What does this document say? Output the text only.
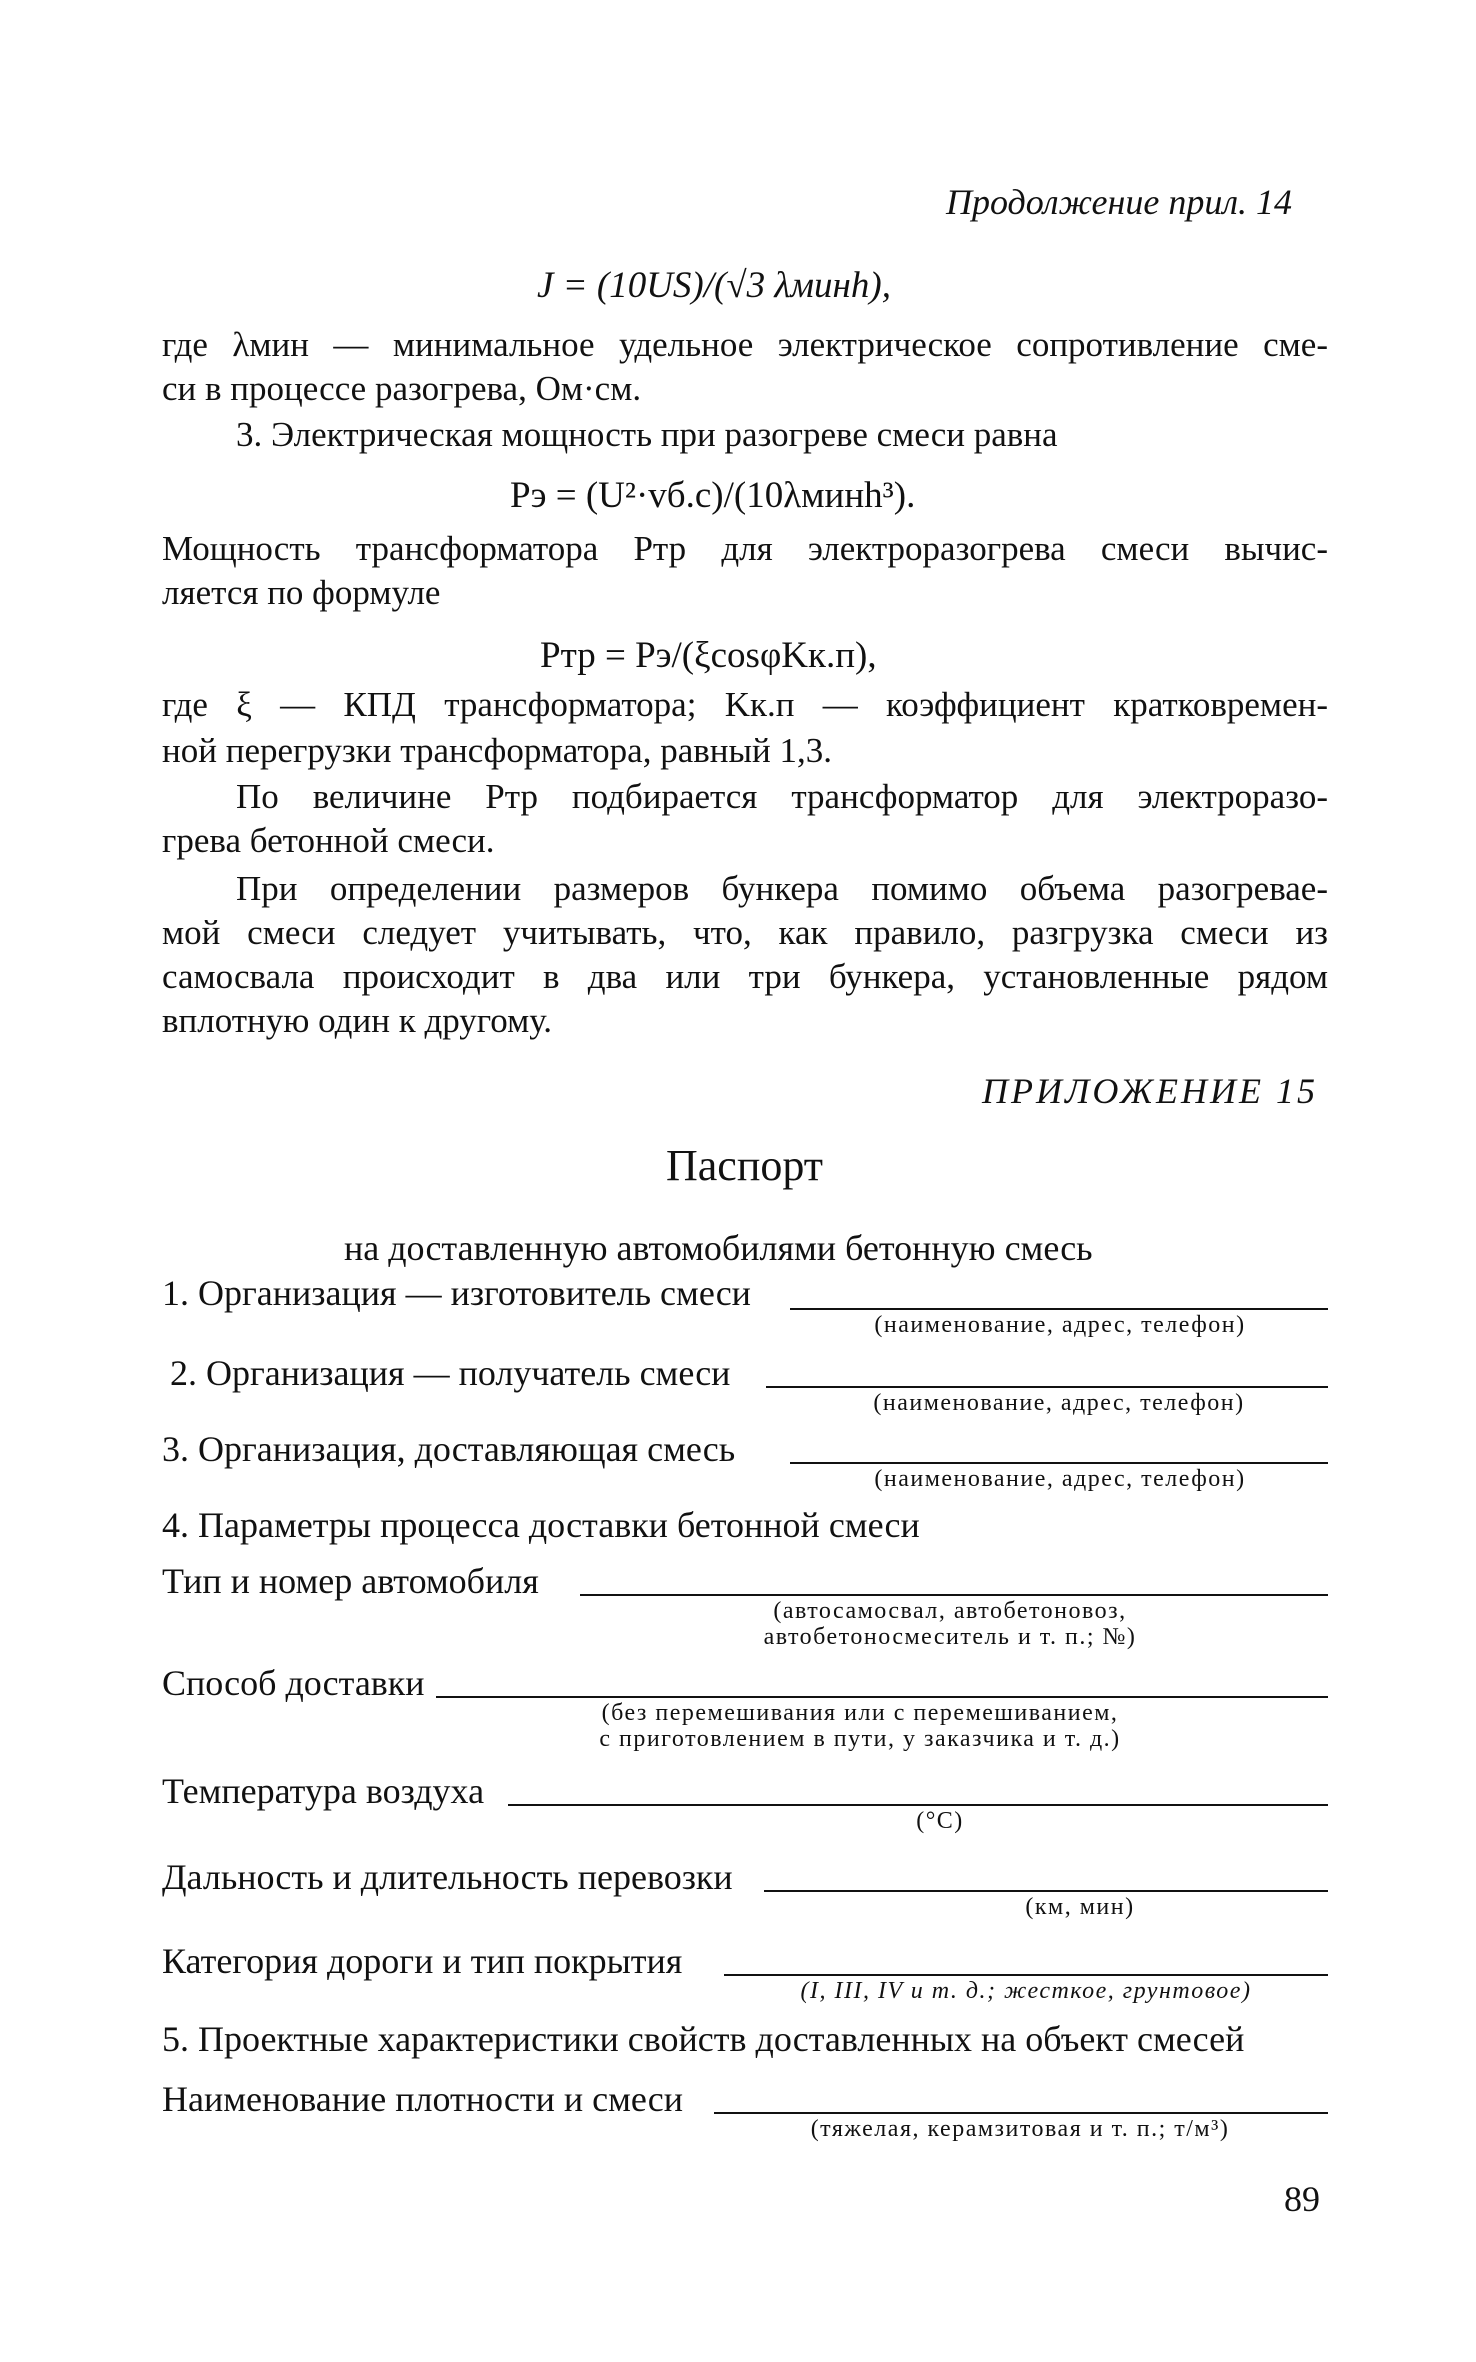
Продолжение прил. 14
J = (10US)/(√3 λминh),
где λмин — минимальное удельное электрическое сопротивление сме-
си в процессе разогрева, Ом·см.
3. Электрическая мощность при разогреве смеси равна
Pэ = (U²·vб.с)/(10λминh³).
Мощность трансформатора Pтр для электроразогрева смеси вычис-
ляется по формуле
Pтр = Pэ/(ξcosφKк.п),
где ξ — КПД трансформатора; Kк.п — коэффициент кратковремен-
ной перегрузки трансформатора, равный 1,3.
По величине Pтр подбирается трансформатор для электроразо-
грева бетонной смеси.
При определении размеров бункера помимо объема разогревае-
мой смеси следует учитывать, что, как правило, разгрузка смеси из
самосвала происходит в два или три бункера, установленные рядом
вплотную один к другому.
ПРИЛОЖЕНИЕ 15
Паспорт
на доставленную автомобилями бетонную смесь
1. Организация — изготовитель смеси
(наименование, адрес, телефон)
2. Организация — получатель смеси
(наименование, адрес, телефон)
3. Организация, доставляющая смесь
(наименование, адрес, телефон)
4. Параметры процесса доставки бетонной смеси
Тип и номер автомобиля
(автосамосвал, автобетоновоз,
автобетоносмеситель и т. п.; №)
Способ доставки
(без перемешивания или с перемешиванием,
с приготовлением в пути, у заказчика и т. д.)
Температура воздуха
(°C)
Дальность и длительность перевозки
(км, мин)
Категория дороги и тип покрытия
(I, III, IV и т. д.; жесткое, грунтовое)
5. Проектные характеристики свойств доставленных на объект смесей
Наименование плотности и смеси
(тяжелая, керамзитовая и т. п.; т/м³)
89
